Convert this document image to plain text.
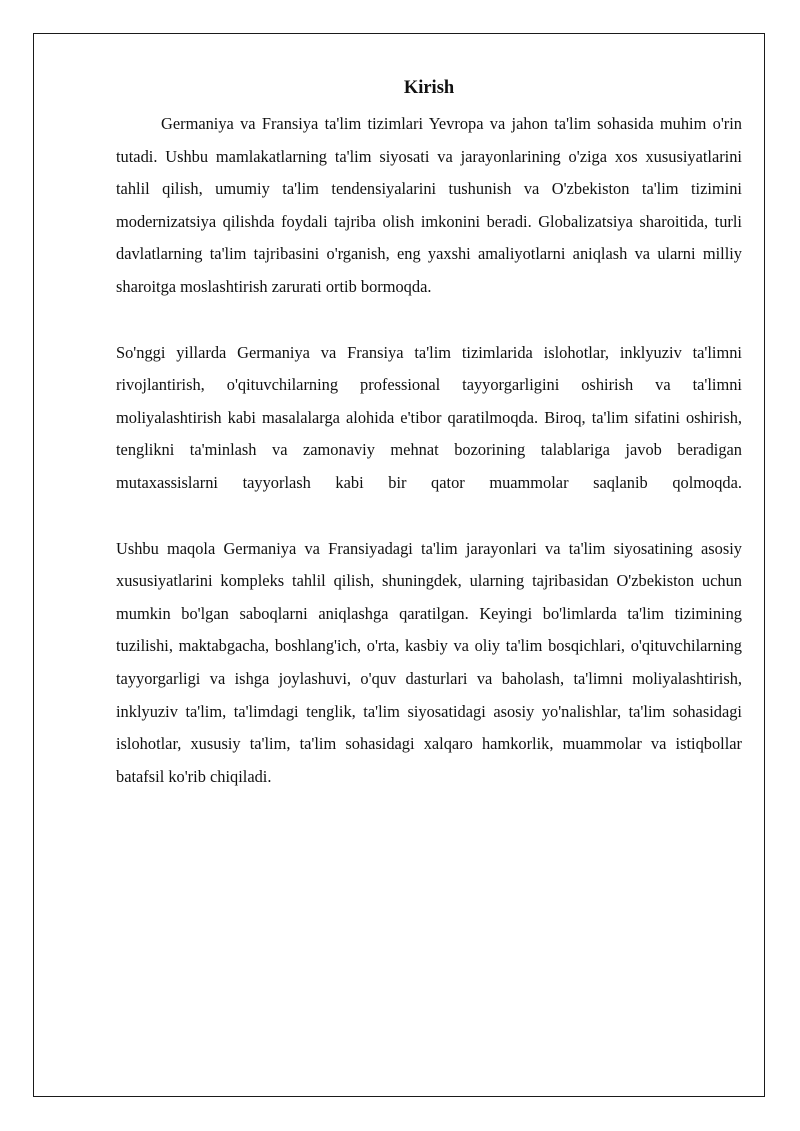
Kirish

Germaniya va Fransiya ta'lim tizimlari Yevropa va jahon ta'lim sohasida muhim o'rin tutadi. Ushbu mamlakatlarning ta'lim siyosati va jarayonlarining o'ziga xos xususiyatlarini tahlil qilish, umumiy ta'lim tendensiyalarini tushunish va O'zbekiston ta'lim tizimini modernizatsiya qilishda foydali tajriba olish imkonini beradi. Globalizatsiya sharoitida, turli davlatlarning ta'lim tajribasini o'rganish, eng yaxshi amaliyotlarni aniqlash va ularni milliy sharoitga moslashtirish zarurati ortib bormoqda.

So'nggi yillarda Germaniya va Fransiya ta'lim tizimlarida islohotlar, inklyuziv ta'limni rivojlantirish, o'qituvchilarning professional tayyorgarligini oshirish va ta'limni moliyalashtirish kabi masalalarga alohida e'tibor qaratilmoqda. Biroq, ta'lim sifatini oshirish, tenglikni ta'minlash va zamonaviy mehnat bozorining talablariga javob beradigan mutaxassislarni tayyorlash kabi bir qator muammolar saqlanib qolmoqda.

Ushbu maqola Germaniya va Fransiyadagi ta'lim jarayonlari va ta'lim siyosatining asosiy xususiyatlarini kompleks tahlil qilish, shuningdek, ularning tajribasidan O'zbekiston uchun mumkin bo'lgan saboqlarni aniqlashga qaratilgan. Keyingi bo'limlarda ta'lim tizimining tuzilishi, maktabgacha, boshlang'ich, o'rta, kasbiy va oliy ta'lim bosqichlari, o'qituvchilarning tayyorgarligi va ishga joylashuvi, o'quv dasturlari va baholash, ta'limni moliyalashtirish, inklyuziv ta'lim, ta'limdagi tenglik, ta'lim siyosatidagi asosiy yo'nalishlar, ta'lim sohasidagi islohotlar, xususiy ta'lim, ta'lim sohasidagi xalqaro hamkorlik, muammolar va istiqbollar batafsil ko'rib chiqiladi.
